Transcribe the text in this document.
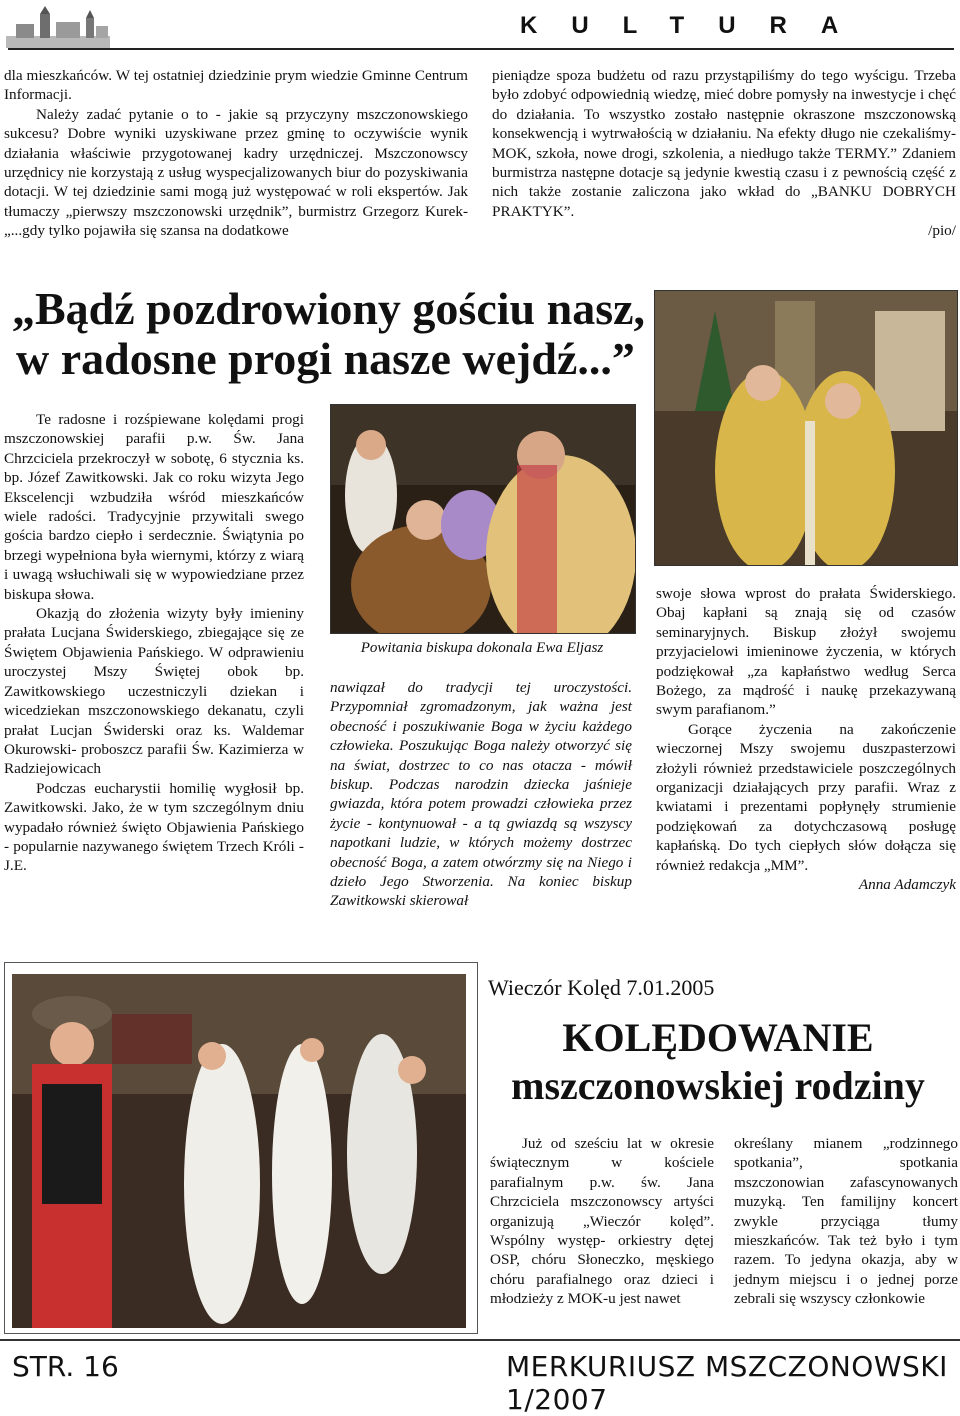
KULTURA

dla mieszkańców. W tej ostatniej dziedzinie prym wiedzie Gminne Centrum Informacji.

Należy zadać pytanie o to - jakie są przyczyny mszczonowskiego sukcesu? Dobre wyniki uzyskiwane przez gminę to oczywiście wynik działania właściwie przygotowanej kadry urzędniczej. Mszczonowscy urzędnicy nie korzystają z usług wyspecjalizowanych biur do pozyskiwania dotacji. W tej dziedzinie sami mogą już występować w roli ekspertów. Jak tłumaczy „pierwszy mszczonowski urzędnik”, burmistrz Grzegorz Kurek- „...gdy tylko pojawiła się szansa na dodatkowe

pieniądze spoza budżetu od razu przystąpiliśmy do tego wyścigu. Trzeba było zdobyć odpowiednią wiedzę, mieć dobre pomysły na inwestycje i chęć do działania. To wszystko zostało następnie okraszone mszczonowską konsekwencją i wytrwałością w działaniu. Na efekty długo nie czekaliśmy- MOK, szkoła, nowe drogi, szkolenia, a niedługo także TERMY.” Zdaniem burmistrza następne dotacje są jedynie kwestią czasu i z pewnością część z nich także zostanie zaliczona jako wkład do „BANKU DOBRYCH PRAKTYK”.

/pio/

„Bądź pozdrowiony gościu nasz,
w radosne progi nasze wejdź...”

Te radosne i rozśpiewane kolędami progi mszczonowskiej parafii p.w. Św. Jana Chrzciciela przekroczył w sobotę, 6 stycznia ks. bp. Józef Zawitkowski. Jak co roku wizyta Jego Ekscelencji wzbudziła wśród mieszkańców wiele radości. Tradycyjnie przywitali swego gościa bardzo ciepło i serdecznie. Świątynia po brzegi wypełniona była wiernymi, którzy z wiarą i uwagą wsłuchiwali się w wypowiedziane przez biskupa słowa.

Okazją do złożenia wizyty były imieniny prałata Lucjana Świderskiego, zbiegające się ze Świętem Objawienia Pańskiego. W odprawieniu uroczystej Mszy Świętej obok bp. Zawitkowskiego uczestniczyli dziekan i wicedziekan mszczonowskiego dekanatu, czyli prałat Lucjan Świderski oraz ks. Waldemar Okurowski- proboszcz parafii Św. Kazimierza w Radziejowicach

Podczas eucharystii homilię wygłosił bp. Zawitkowski. Jako, że w tym szczególnym dniu wypadało również święto Objawienia Pańskiego - popularnie nazywanego świętem Trzech Króli - J.E.

Powitania biskupa dokonala Ewa Eljasz

nawiązał do tradycji tej uroczystości. Przypomniał zgromadzonym, jak ważna jest obecność i poszukiwanie Boga w życiu każdego człowieka. Poszukując Boga należy otworzyć się na świat, dostrzec to co nas otacza - mówił biskup. Podczas narodzin dziecka jaśnieje gwiazda, która potem prowadzi człowieka przez życie - kontynuował - a tą gwiazdą są wszyscy napotkani ludzie, w których możemy dostrzec obecność Boga, a zatem otwórzmy się na Niego i dzieło Jego Stworzenia. Na koniec biskup Zawitkowski skierował

swoje słowa wprost do prałata Świderskiego. Obaj kapłani są znają się od czasów seminaryjnych. Biskup złożył swojemu przyjacielowi imieninowe życzenia, w których podziękował „za kapłaństwo według Serca Bożego, za mądrość i naukę przekazywaną swym parafianom.”

Gorące życzenia na zakończenie wieczornej Mszy swojemu duszpasterzowi złożyli również przedstawiciele poszczególnych organizacji działających przy parafii. Wraz z kwiatami i prezentami popłynęły strumienie podziękowań za dotychczasową posługę kapłańską. Do tych ciepłych słów dołącza się również redakcja „MM”.

Anna Adamczyk

Wieczór Kolęd 7.01.2005
KOLĘDOWANIE
mszczonowskiej rodziny

Już od sześciu lat w okresie świątecznym w kościele parafialnym p.w. św. Jana Chrzciciela mszczonowscy artyści organizują „Wieczór kolęd”. Wspólny występ- orkiestry dętej OSP, chóru Słoneczko, męskiego chóru parafialnego oraz dzieci i młodzieży z MOK-u jest nawet

określany mianem „rodzinnego spotkania”, spotkania mszczonowian zafascynowanych muzyką. Ten familijny koncert zwykle przyciąga tłumy mieszkańców. Tak też było i tym razem. To jedyna okazja, aby w jednym miejscu i o jednej porze zebrali się wszyscy członkowie

STR. 16	MERKURIUSZ MSZCZONOWSKI 1/2007
